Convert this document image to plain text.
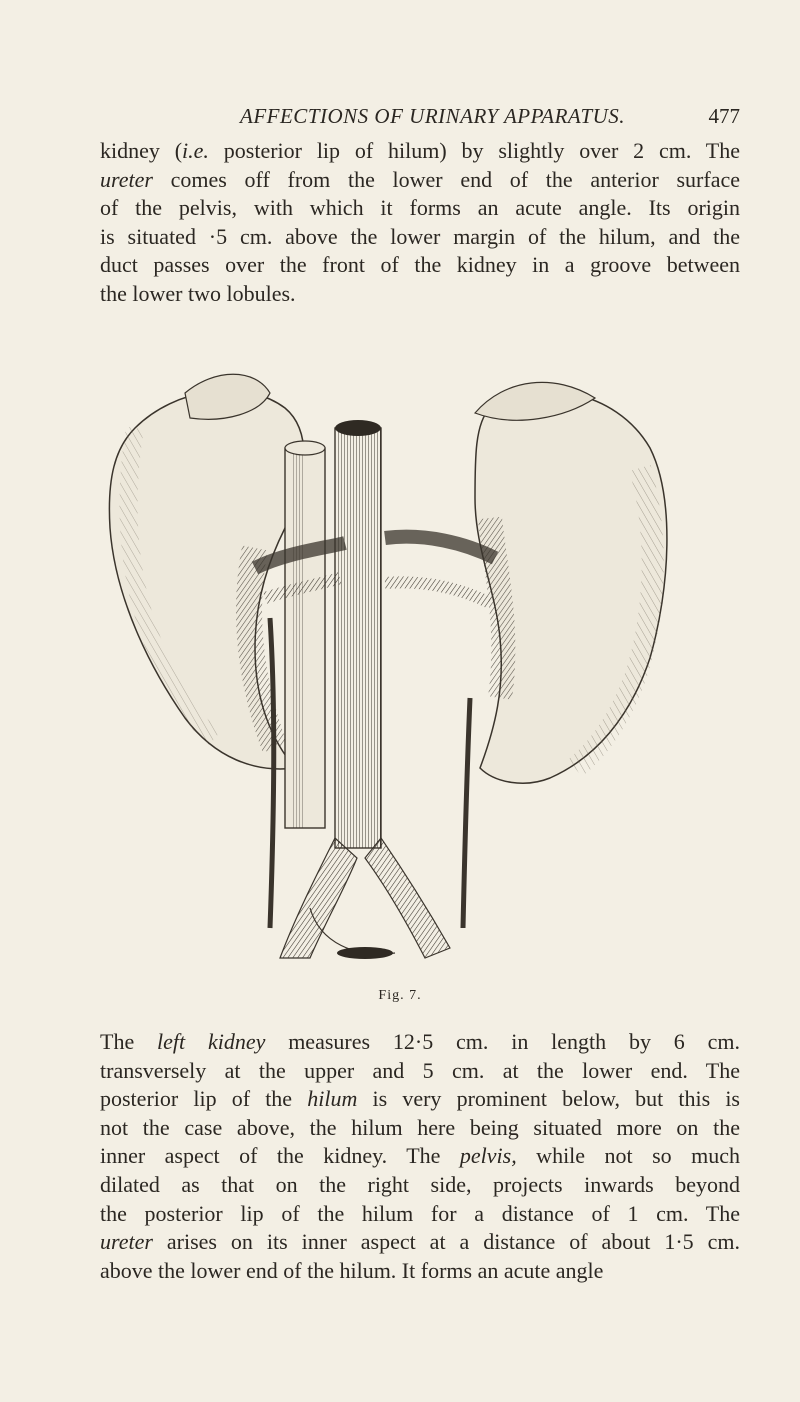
AFFECTIONS OF URINARY APPARATUS.	477

kidney (i.e. posterior lip of hilum) by slightly over 2 cm. The
ureter comes off from the lower end of the anterior surface
of the pelvis, with which it forms an acute angle. Its origin
is situated ·5 cm. above the lower margin of the hilum, and the
duct passes over the front of the kidney in a groove between
the lower two lobules.

Fig. 7.

The left kidney measures 12·5 cm. in length by 6 cm.
transversely at the upper and 5 cm. at the lower end. The
posterior lip of the hilum is very prominent below, but this is
not the case above, the hilum here being situated more on the
inner aspect of the kidney. The pelvis, while not so much
dilated as that on the right side, projects inwards beyond
the posterior lip of the hilum for a distance of 1 cm. The
ureter arises on its inner aspect at a distance of about 1·5 cm.
above the lower end of the hilum. It forms an acute angle
